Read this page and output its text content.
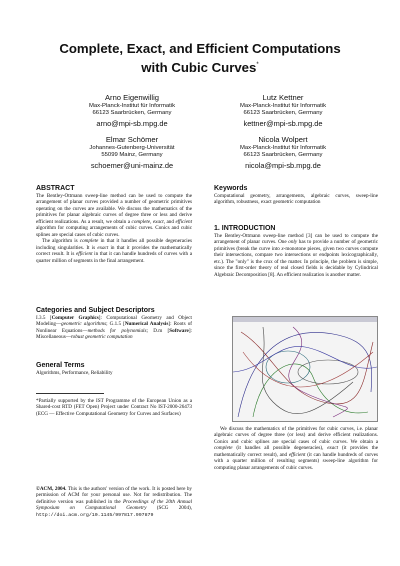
Complete, Exact, and Efficient Computations
with Cubic Curves*
Arno Eigenwillig
Max-Planck-Institut für Informatik
66123 Saarbrücken, Germany
arno@mpi-sb.mpg.de
Lutz Kettner
Max-Planck-Institut für Informatik
66123 Saarbrücken, Germany
kettner@mpi-sb.mpg.de
Elmar Schömer
Johannes-Gutenberg-Universität
55099 Mainz, Germany
schoemer@uni-mainz.de
Nicola Wolpert
Max-Planck-Institut für Informatik
66123 Saarbrücken, Germany
nicola@mpi-sb.mpg.de
ABSTRACT

The Bentley-Ottmann sweep-line method can be used to compute the arrangement of planar curves provided a number of geometric primitives operating on the curves are available. We discuss the mathematics of the primitives for planar algebraic curves of degree three or less and derive efficient realizations. As a result, we obtain a complete, exact, and efficient algorithm for computing arrangements of cubic curves. Conics and cubic splines are special cases of cubic curves.

The algorithm is complete in that it handles all possible degeneracies including singularities. It is exact in that it provides the mathematically correct result. It is efficient in that it can handle hundreds of curves with a quarter million of segments in the final arrangement.

Categories and Subject Descriptors

I.3.5 [Computer Graphics]: Computational Geometry and Object Modeling—geometric algorithms; G.1.5 [Numerical Analysis]: Roots of Nonlinear Equations—methods for polynomials; D.m [Software]: Miscellaneous—robust geometric computation

General Terms

Algorithms, Performance, Reliability

*Partially supported by the IST Programme of the European Union as a Shared-cost RTD (FET Open) Project under Contract No IST-2000-26473 (ECG — Effective Computational Geometry for Curves and Surfaces)

©ACM, 2004. This is the authors' version of the work. It is posted here by permission of ACM for your personal use. Not for redistribution. The definitive version was published in the Proceedings of the 20th Annual Symposium on Computational Geometry (SCG 2004), http://doi.acm.org/10.1145/997817.997879

Keywords

Computational geometry, arrangements, algebraic curves, sweep-line algorithm, robustness, exact geometric computation

1. INTRODUCTION

The Bentley-Ottmann sweep-line method [3] can be used to compute the arrangement of planar curves. One only has to provide a number of geometric primitives (break the curve into x-monotone pieces, given two curves compute their intersections, compare two intersections or endpoints lexicographically, etc.). The "only" is the crux of the matter. In principle, the problem is simple, since the first-order theory of real closed fields is decidable by Cylindrical Algebraic Decomposition [8]. An efficient realization is another matter.

We discuss the mathematics of the primitives for cubic curves, i.e. planar algebraic curves of degree three (or less) and derive efficient realizations. Conics and cubic splines are special cases of cubic curves. We obtain a complete (it handles all possible degeneracies), exact (it provides the mathematically correct result), and efficient (it can handle hundreds of curves with a quarter million of resulting segments) sweep-line algorithm for computing planar arrangements of cubic curves.
